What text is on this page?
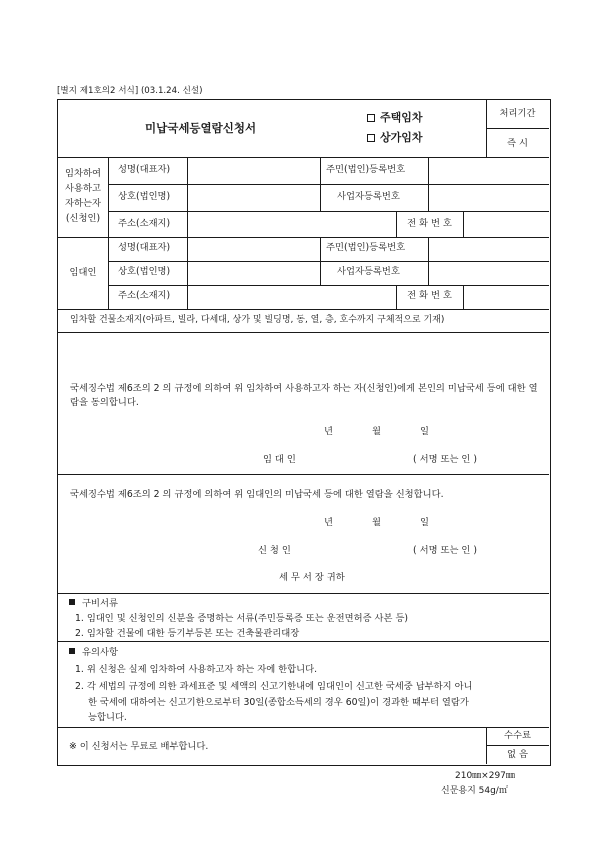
[별지 제1호의2 서식] (03.1.24. 신설)
미납국세등열람신청서
주택임차
상가임차
처리기간
즉 시
임차하여
사용하고
자하는자
(신청인)
성명(대표자)	주민(법인)등록번호
상호(법인명)	사업자등록번호
주소(소재지)	전 화 번 호
임대인
성명(대표자)	주민(법인)등록번호
상호(법인명)	사업자등록번호
주소(소재지)	전 화 번 호
임차할 건물소재지(아파트, 빌라, 다세대, 상가 및 빌딩명, 동, 열, 층, 호수까지 구체적으로 기재)
국세징수법 제6조의 2 의 규정에 의하여 위 임차하여 사용하고자 하는 자(신청인)에게 본인의 미납국세 등에 대한 열람을 동의합니다.
년	월	일
임 대 인	( 서명 또는 인 )
국세징수법 제6조의 2 의 규정에 의하여 위 임대인의 미납국세 등에 대한 열람을 신청합니다.
년	월	일
신 청 인	( 서명 또는 인 )
세 무 서 장 귀하
구비서류
1. 임대인 및 신청인의 신분을 증명하는 서류(주민등록증 또는 운전면허증 사본 등)
2. 임차할 건물에 대한 등기부등본 또는 건축물관리대장
유의사항
1. 위 신청은 실제 임차하여 사용하고자 하는 자에 한합니다.
2. 각 세법의 규정에 의한 과세표준 및 세액의 신고기한내에 임대인이 신고한 국세중 납부하지 아니
한 국세에 대하여는 신고기한으로부터 30일(종합소득세의 경우 60일)이 경과한 때부터 열람가
능합니다.
※ 이 신청서는 무료로 배부합니다.
수수료
없 음
210㎜×297㎜
신문용지 54g/㎡
